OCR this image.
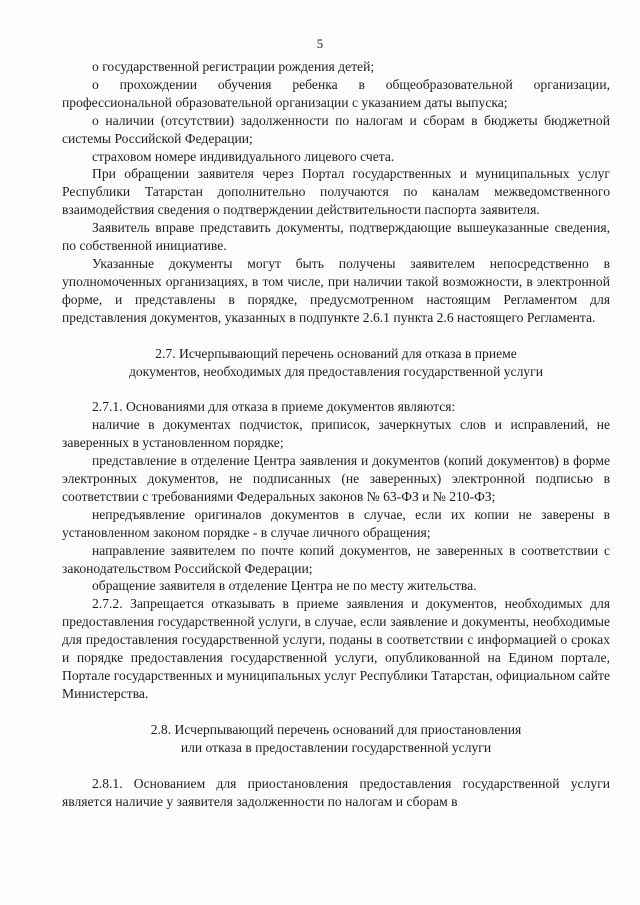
5

о государственной регистрации рождения детей;

о прохождении обучения ребенка в общеобразовательной организации, профессиональной образовательной организации с указанием даты выпуска;

о наличии (отсутствии) задолженности по налогам и сборам в бюджеты бюджетной системы Российской Федерации;

страховом номере индивидуального лицевого счета.

При обращении заявителя через Портал государственных и муниципальных услуг Республики Татарстан дополнительно получаются по каналам межведомственного взаимодействия сведения о подтверждении действительности паспорта заявителя.

Заявитель вправе представить документы, подтверждающие вышеуказанные сведения, по собственной инициативе.

Указанные документы могут быть получены заявителем непосредственно в уполномоченных организациях, в том числе, при наличии такой возможности, в электронной форме, и представлены в порядке, предусмотренном настоящим Регламентом для представления документов, указанных в подпункте 2.6.1 пункта 2.6 настоящего Регламента.

2.7. Исчерпывающий перечень оснований для отказа в приеме
документов, необходимых для предоставления государственной услуги

2.7.1. Основаниями для отказа в приеме документов являются:

наличие в документах подчисток, приписок, зачеркнутых слов и исправлений, не заверенных в установленном порядке;

представление в отделение Центра заявления и документов (копий документов) в форме электронных документов, не подписанных (не заверенных) электронной подписью в соответствии с требованиями Федеральных законов № 63-ФЗ и № 210-ФЗ;

непредъявление оригиналов документов в случае, если их копии не заверены в установленном законом порядке - в случае личного обращения;

направление заявителем по почте копий документов, не заверенных в соответствии с законодательством Российской Федерации;

обращение заявителя в отделение Центра не по месту жительства.

2.7.2. Запрещается отказывать в приеме заявления и документов, необходимых для предоставления государственной услуги, в случае, если заявление и документы, необходимые для предоставления государственной услуги, поданы в соответствии с информацией о сроках и порядке предоставления государственной услуги, опубликованной на Едином портале, Портале государственных и муниципальных услуг Республики Татарстан, официальном сайте Министерства.

2.8. Исчерпывающий перечень оснований для приостановления
или отказа в предоставлении государственной услуги

2.8.1. Основанием для приостановления предоставления государственной услуги является наличие у заявителя задолженности по налогам и сборам в
